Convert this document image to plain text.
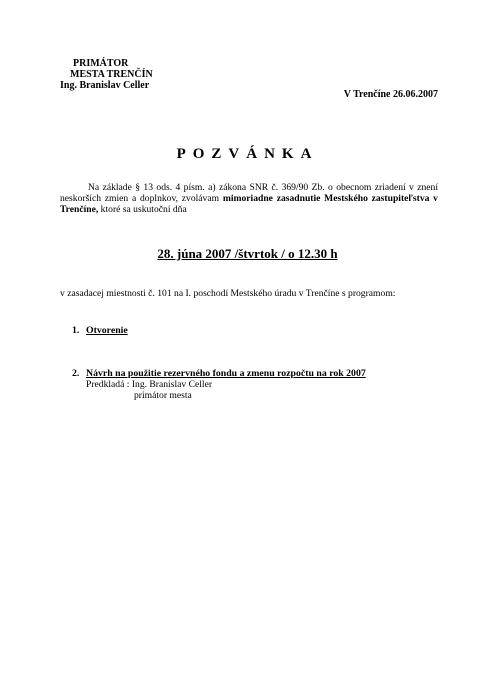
PRIMÁTOR
MESTA TRENČÍN
Ing. Branislav Celler
V Trenčíne 26.06.2007
POZVÁNKA
Na základe § 13 ods. 4 písm. a) zákona SNR č. 369/90 Zb. o obecnom zriadení v znení neskorších zmien a doplnkov, zvolávam mimoriadne zasadnutie Mestského zastupiteľstva v Trenčíne, ktoré sa uskutoční dňa
28. júna 2007 /štvrtok / o 12.30 h
v zasadacej miestnosti č. 101 na I. poschodí Mestského úradu v Trenčíne s programom:
1. Otvorenie
2. Návrh na použitie rezervného fondu a zmenu rozpočtu na rok 2007
Predkladá : Ing. Branislav Celler
primátor mesta
